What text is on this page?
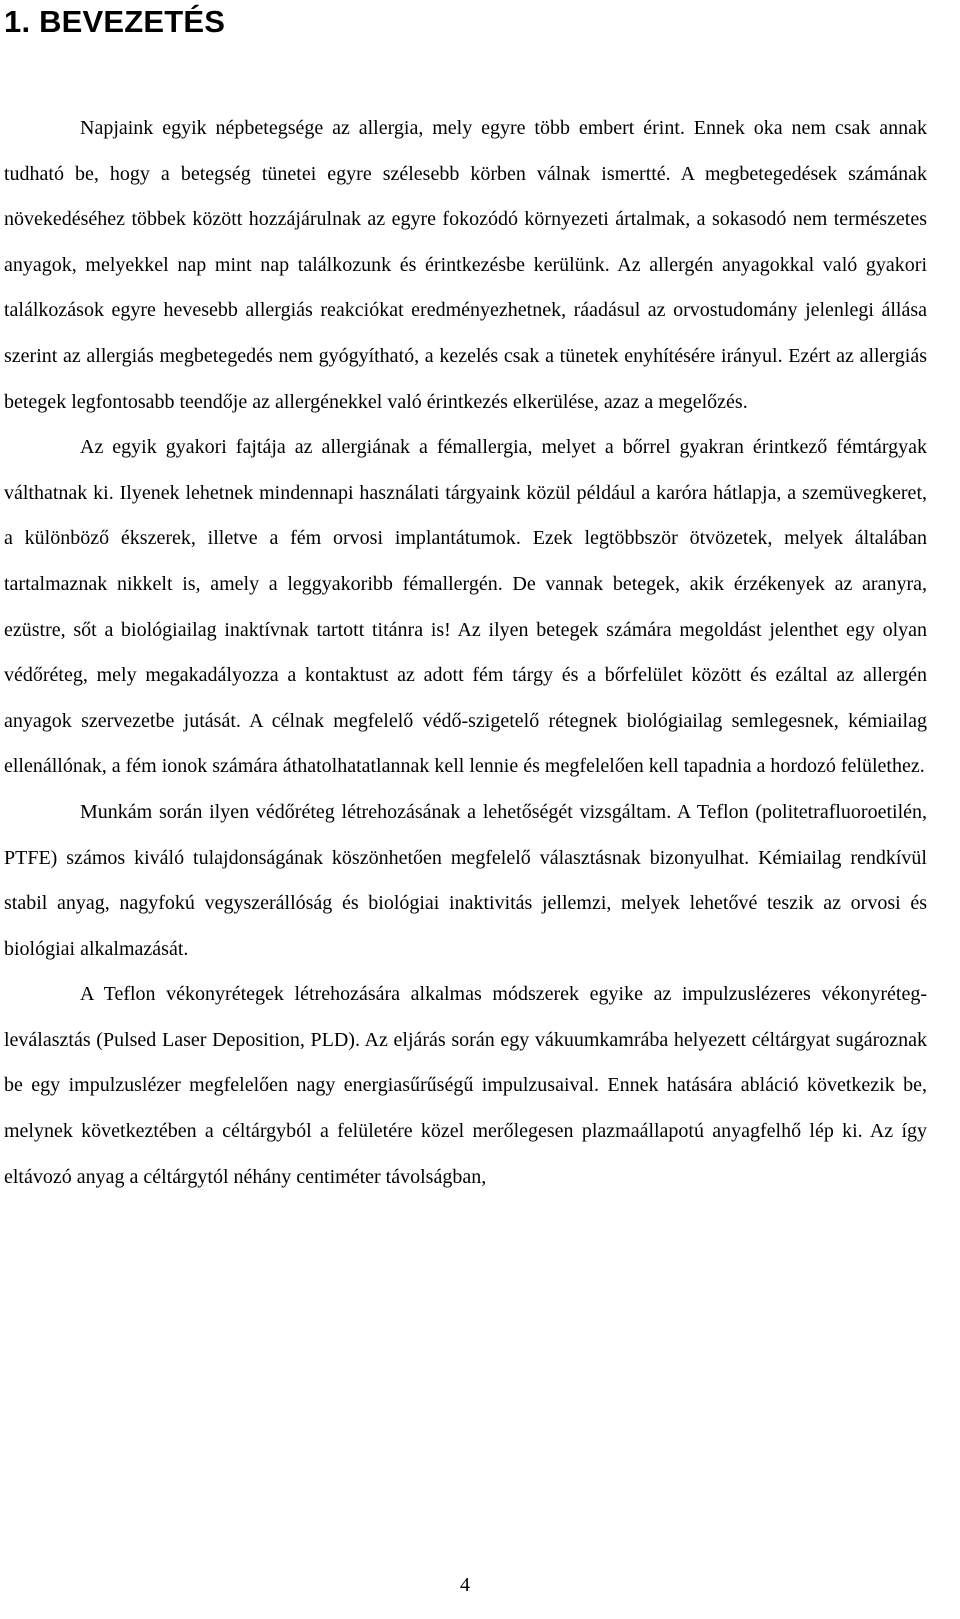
1. BEVEZETÉS

Napjaink egyik népbetegsége az allergia, mely egyre több embert érint. Ennek oka nem csak annak tudható be, hogy a betegség tünetei egyre szélesebb körben válnak ismertté. A megbetegedések számának növekedéséhez többek között hozzájárulnak az egyre fokozódó környezeti ártalmak, a sokasodó nem természetes anyagok, melyekkel nap mint nap találkozunk és érintkezésbe kerülünk. Az allergén anyagokkal való gyakori találkozások egyre hevesebb allergiás reakciókat eredményezhetnek, ráadásul az orvostudomány jelenlegi állása szerint az allergiás megbetegedés nem gyógyítható, a kezelés csak a tünetek enyhítésére irányul. Ezért az allergiás betegek legfontosabb teendője az allergénekkel való érintkezés elkerülése, azaz a megelőzés.

Az egyik gyakori fajtája az allergiának a fémallergia, melyet a bőrrel gyakran érintkező fémtárgyak válthatnak ki. Ilyenek lehetnek mindennapi használati tárgyaink közül például a karóra hátlapja, a szemüvegkeret, a különböző ékszerek, illetve a fém orvosi implantátumok. Ezek legtöbbször ötvözetek, melyek általában tartalmaznak nikkelt is, amely a leggyakoribb fémallergén. De vannak betegek, akik érzékenyek az aranyra, ezüstre, sőt a biológiailag inaktívnak tartott titánra is! Az ilyen betegek számára megoldást jelenthet egy olyan védőréteg, mely megakadályozza a kontaktust az adott fém tárgy és a bőrfelület között és ezáltal az allergén anyagok szervezetbe jutását. A célnak megfelelő védő-szigetelő rétegnek biológiailag semlegesnek, kémiailag ellenállónak, a fém ionok számára áthatolhatatlannak kell lennie és megfelelően kell tapadnia a hordozó felülethez.

Munkám során ilyen védőréteg létrehozásának a lehetőségét vizsgáltam. A Teflon (politetrafluoroetilén, PTFE) számos kiváló tulajdonságának köszönhetően megfelelő választásnak bizonyulhat. Kémiailag rendkívül stabil anyag, nagyfokú vegyszerállóság és biológiai inaktivitás jellemzi, melyek lehetővé teszik az orvosi és biológiai alkalmazását.

A Teflon vékonyrétegek létrehozására alkalmas módszerek egyike az impulzuslézeres vékonyréteg-leválasztás (Pulsed Laser Deposition, PLD). Az eljárás során egy vákuumkamrába helyezett céltárgyat sugároznak be egy impulzuslézer megfelelően nagy energiasűrűségű impulzusaival. Ennek hatására abláció következik be, melynek következtében a céltárgyból a felületére közel merőlegesen plazmaállapotú anyagfelhő lép ki. Az így eltávozó anyag a céltárgytól néhány centiméter távolságban,

4
